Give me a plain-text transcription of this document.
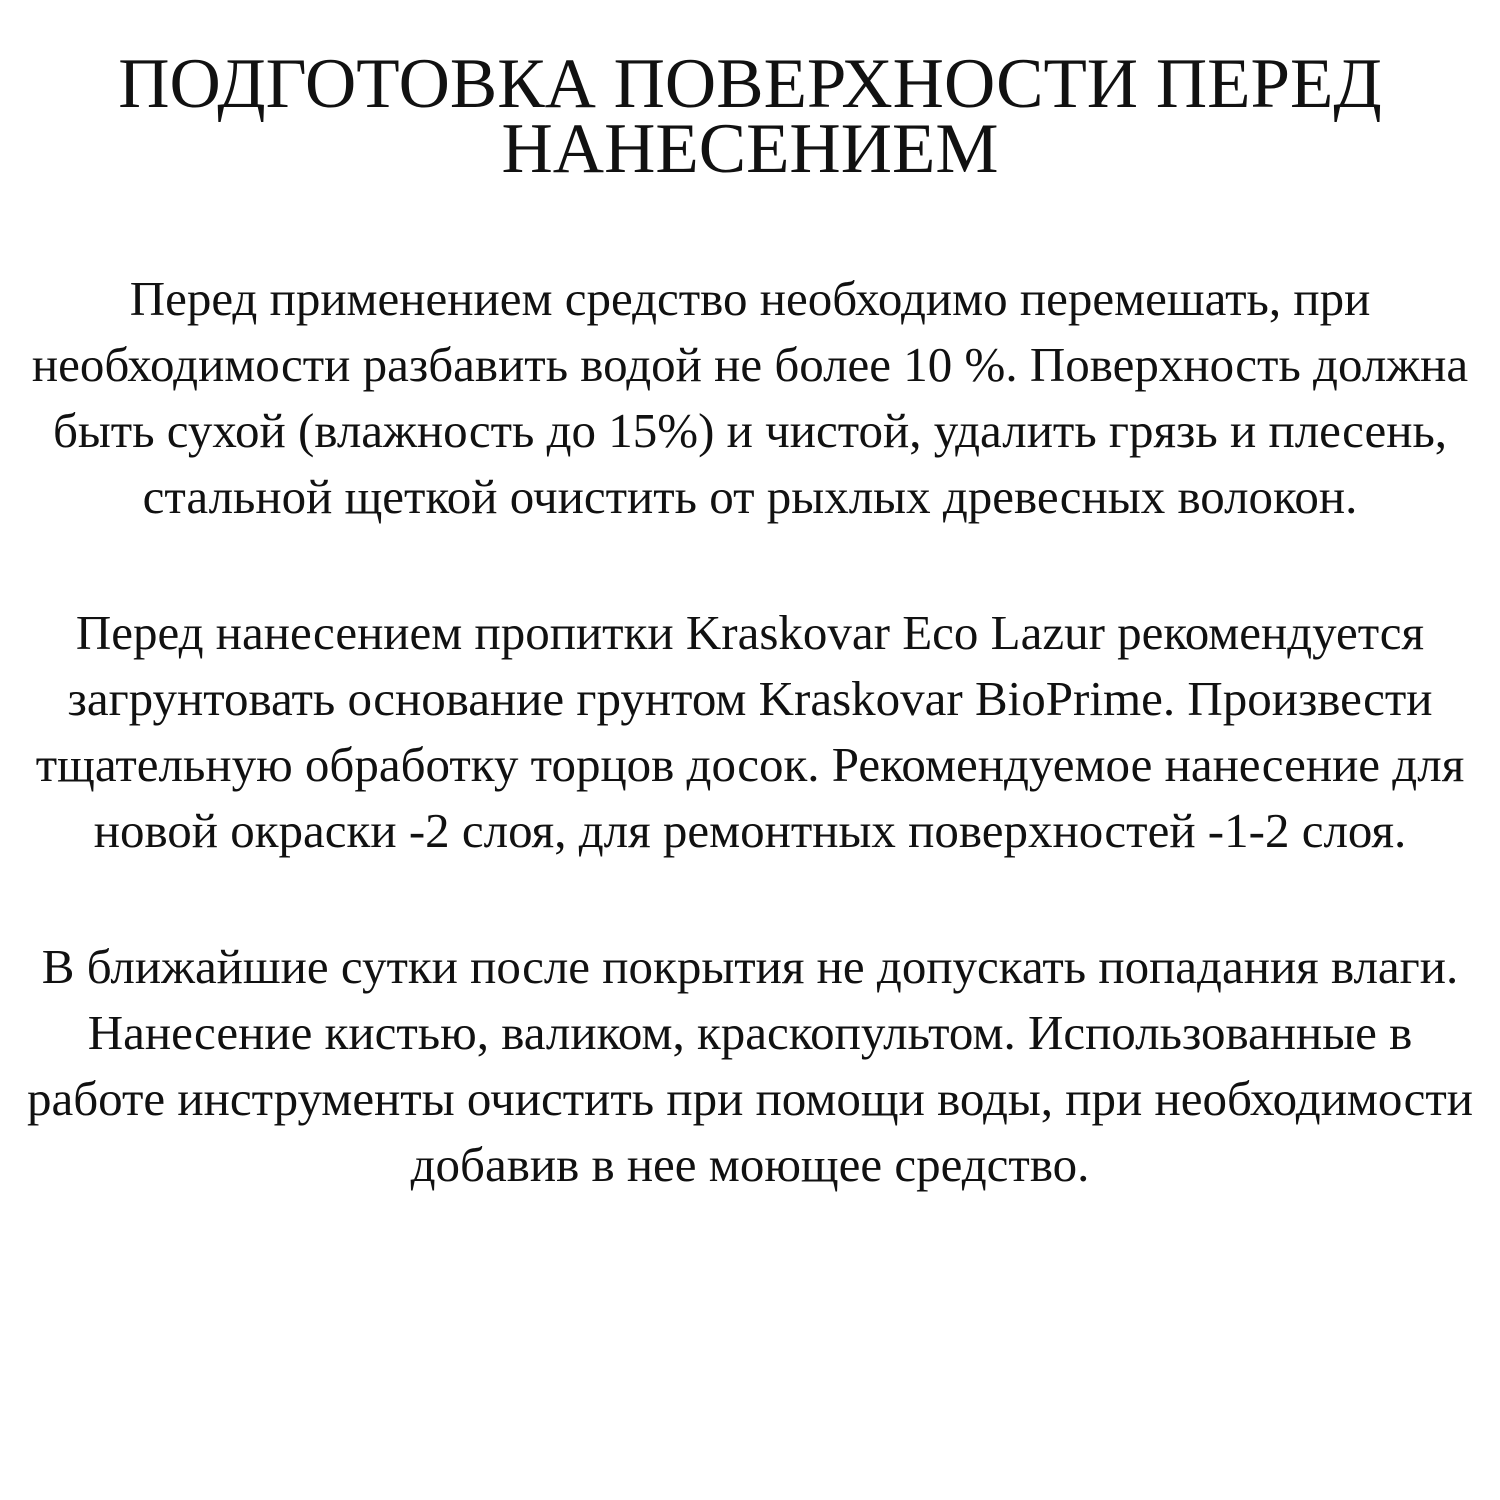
ПОДГОТОВКА ПОВЕРХНОСТИ ПЕРЕД НАНЕСЕНИЕМ

Перед применением средство необходимо перемешать, при необходимости разбавить водой не более 10 %. Поверхность должна быть сухой (влажность до 15%) и чистой, удалить грязь и плесень, стальной щеткой очистить от рыхлых древесных волокон.

Перед нанесением пропитки Kraskovar Eco Lazur рекомендуется загрунтовать основание грунтом Kraskovar BioPrime. Произвести тщательную обработку торцов досок. Рекомендуемое нанесение для новой окраски -2 слоя, для ремонтных поверхностей -1-2 слоя.

В ближайшие сутки после покрытия не допускать попадания влаги. Нанесение кистью, валиком, краскопультом. Использованные в работе инструменты очистить при помощи воды, при необходимости добавив в нее моющее средство.
